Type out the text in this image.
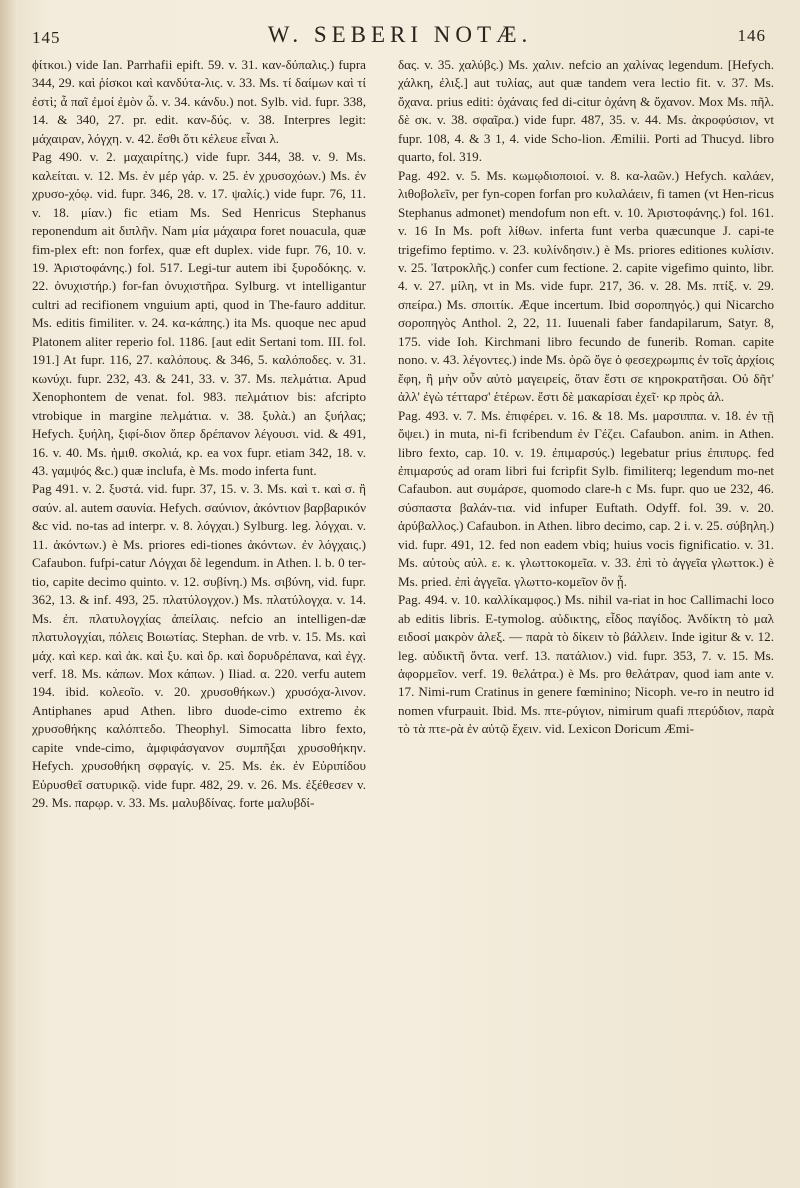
145	W. SEBERI NOTÆ.	146

ϕίτκοι.) vide Ian. Parrhafii epift. 59. v. 31. καν-δύπαλις.) fupra 344, 29. καὶ ῥίσκοι καὶ κανδύτα-λις. v. 33. Ms. τί δαίμων καὶ τί ἐστὶ; ἆ παῖ ἐμοί ἐμὸν ὦ. v. 34. κάνδυ.) not. Sylb. vid. fupr. 338, 14. & 340, 27. pr. edit. καν-δύς. v. 38. Interpres legit: μάχαιραν, λόγχη. v. 42. ἔσθι ὅτι κέλευε εἶναι λ.

Pag 490. v. 2. μαχαιρίτης.) vide fupr. 344, 38. v. 9. Ms. καλείται. v. 12. Ms. ἐν μέρ γάρ. v. 25. ἐν χρυσοχόων.) Ms. ἐν χρυσο-χόῳ. vid. fupr. 346, 28. v. 17. ψαλίς.) vide fupr. 76, 11. v. 18. μίαν.) fic etiam Ms. Sed Henricus Stephanus reponendum ait διπλῆν. Nam μία μάχαιρα foret nouacula, quæ fim-plex eft: non forfex, quæ eft duplex. vide fupr. 76, 10. v. 19. Ἀριστοφάνης.) fol. 517. Legi-tur autem ibi ξυροδόκης. v. 22. ὀνυχιστήρ.) for-fan ὀνυχιστῆρα. Sylburg. vt intelligantur cultri ad recifionem vnguium apti, quod in The-fauro additur. Ms. editis fimiliter. v. 24. κα-κάπης.) ita Ms. quoque nec apud Platonem aliter reperio fol. 1186. [aut edit Sertani tom. III. fol. 191.] At fupr. 116, 27. καλόπους. & 346, 5. καλόποδες. v. 31. κωνύχι. fupr. 232, 43. & 241, 33. v. 37. Ms. πελμάτια. Apud Xenophontem de venat. fol. 983. πελμάτιον bis: afcripto vtrobique in margine πελμάτια. v. 38. ξυλὰ.) an ξυήλας; Hefych. ξυήλη, ξιφί-διον ὅπερ δρέπανον λέγουσι. vid. & 491, 16. v. 40. Ms. ἡμιθ. σκολιά, κρ. ea vox fupr. etiam 342, 18. v. 43. γαμψός &c.) quæ inclufa, è Ms. modo inferta funt.

Pag 491. v. 2. ξυστά. vid. fupr. 37, 15. v. 3. Ms. καὶ τ. καὶ σ. ἢ σαύν. al. autem σαυνία. Hefych. σαύνιον, ἀκόντιον βαρβαρικόν &c vid. no-tas ad interpr. v. 8. λόγχαι.) Sylburg. leg. λόγχαι. v. 11. ἀκόντων.) è Ms. priores edi-tiones ἀκόντων. ἐν λόγχαις.) Cafaubon. fufpi-catur Λόγχαι δὲ legendum. in Athen. l. b. 0 ter-tio, capite decimo quinto. v. 12. συβίνη.) Ms. σιβύνη, vid. fupr. 362, 13. & inf. 493, 25. πλατύλογχον.) Ms. πλατύλογχα. v. 14. Ms. ἐπ. πλατυλογχίας ἀπείλαις. nefcio an intelligen-dæ πλατυλογχίαι, πόλεις Βοιωτίας. Stephan. de vrb. v. 15. Ms. καὶ μάχ. καὶ κερ. καὶ ἀκ. καὶ ξυ. καὶ δρ. καὶ δορυδρέπανα, καὶ ἐγχ. verf. 18. Ms. κάπων. Mox κάπων. ) Iliad. α. 220. verfu autem 194. ibid. κολεοῖο. v. 20. χρυσοθήκων.) χρυσόχα-λινον. Antiphanes apud Athen. libro duode-cimo extremo ἐκ χρυσοθήκης καλόπτεδο. Theophyl. Simocatta libro fexto, capite vnde-cimo, ἀμφιφάσγανον συμπῆξαι χρυσοθήκην. Hefych. χρυσοθήκη σφραγίς. v. 25. Ms. ἐκ. ἐν Εὐριπίδου Εὐρυσθεῖ σατυρικῷ. vide fupr. 482, 29. v. 26. Ms. ἐξέθεσεν v. 29. Ms. παρῳρ. v. 33. Ms. μαλυβδίνας. forte μαλυβδί-

δας. v. 35. χαλύβς.) Ms. χαλιν. nefcio an χαλίνας legendum. [Hefych. χάλκη, ἐλιξ.] aut τυλίας, aut quæ tandem vera lectio fit. v. 37. Ms. ὄχανα. prius editi: ὀχάναις fed di-citur ὀχάνη & ὄχανον. Mox Ms. πῆλ. δὲ σκ. v. 38. σφαῖρα.) vide fupr. 487, 35. v. 44. Ms. ἀκροφύσιον, vt fupr. 108, 4. & 3 1, 4. vide Scho-lion. Æmilii. Porti ad Thucyd. libro quarto, fol. 319.

Pag. 492. v. 5. Ms. κωμῳδιοποιοί. v. 8. κα-λαῶν.) Hefych. καλάεν, λιθοβολεῖν, per fyn-copen forfan pro κυλαλάειν, fi tamen (vt Hen-ricus Stephanus admonet) mendofum non eft. v. 10. Ἀριστοφάνης.) fol. 161. v. 16 In Ms. poft λίθων. inferta funt verba quæcunque J. capi-te trigefimo feptimo. v. 23. κυλίνδησιν.) è Ms. priores editiones κυλίσιν. v. 25. Ἰατροκλῆς.) confer cum fectione. 2. capite vigefimo quinto, libr. 4. v. 27. μίλη, vt in Ms. vide fupr. 217, 36. v. 28. Ms. πτίξ. v. 29. σπείρα.) Ms. σποιτίκ. Æque incertum. Ibid σοροπηγός.) qui Nicarcho σοροπηγὸς Anthol. 2, 22, 11. Iuuenali faber fandapilarum, Satyr. 8, 175. vide Ioh. Kirchmani libro fecundo de funerib. Roman. capite nono. v. 43. λέγοντες.) inde Ms. ὁρῶ ὅγε ὁ φεσεχρωμπις ἐν τοῖς ἀρχίοις ἔφη, ἢ μὴν οὖν αὐτὸ μαγειρείς, ὅταν ἔστι σε κηροκρατῆσαι. Οὐ δῆτ' ἀλλ' ἐγὼ τέτταρσ' ἑτέρων. ἔστι δὲ μακαρίσαι ἐχεῖ· κρ πρὸς ἀλ.

Pag. 493. v. 7. Ms. ἐπιφέρει. v. 16. & 18. Ms. μαρσιππα. v. 18. ἐν τῇ ὄψει.) in muta, ni-fi fcribendum ἐν Γέζει. Cafaubon. anim. in Athen. libro fexto, cap. 10. v. 19. ἐπιμαρσύς.) legebatur prius ἐπιπυρς. fed ἐπιμαρσύς ad oram libri fui fcripfit Sylb. fimiliterq; legendum mo-net Cafaubon. aut συμάρσε, quomodo clare-h c Ms. fupr. quo ue 232, 46. σύσπαστα βαλάν-τια. vid infuper Euftath. Odyff. fol. 39. v. 20. ἀρύβαλλος.) Cafaubon. in Athen. libro decimo, cap. 2 i. v. 25. σύβηλη.) vid. fupr. 491, 12. fed non eadem vbiq; huius vocis fignificatio. v. 31. Ms. αὐτοὺς αὐλ. ε. κ. γλωττοκομεῖα. v. 33. ἐπὶ τὸ ἀγγεῖα γλωττοκ.) è Ms. pried. ἐπὶ ἀγγεῖα. γλωττο-κομεῖον ὂν ᾖ.

Pag. 494. v. 10. καλλίκαμφος.) Ms. nihil va-riat in hoc Callimachi loco ab editis libris. E-tymolog. αὐδικτης, εἶδος παγίδος. Ἀνδίκτη τὸ μαλ ειδοσί μακρὸν ἀλεξ. — παρὰ τὸ δίκειν τὸ βάλλειν. Inde igitur & v. 12. leg. αὐδικτῆ ὄντα. verf. 13. πατάλιον.) vid. fupr. 353, 7. v. 15. Ms. ἀφορμεῖον. verf. 19. θελάτρα.) è Ms. pro θελάτραν, quod iam ante v. 17. Nimi-rum Cratinus in genere fœminino; Nicoph. ve-ro in neutro id nomen vfurpauit. Ibid. Ms. πτε-ρύγιον, nimirum quafi πτερύδιον, παρὰ τὸ τὰ πτε-ρὰ ἐν αὐτῷ ἔχειν. vid. Lexicon Doricum Æmi-
